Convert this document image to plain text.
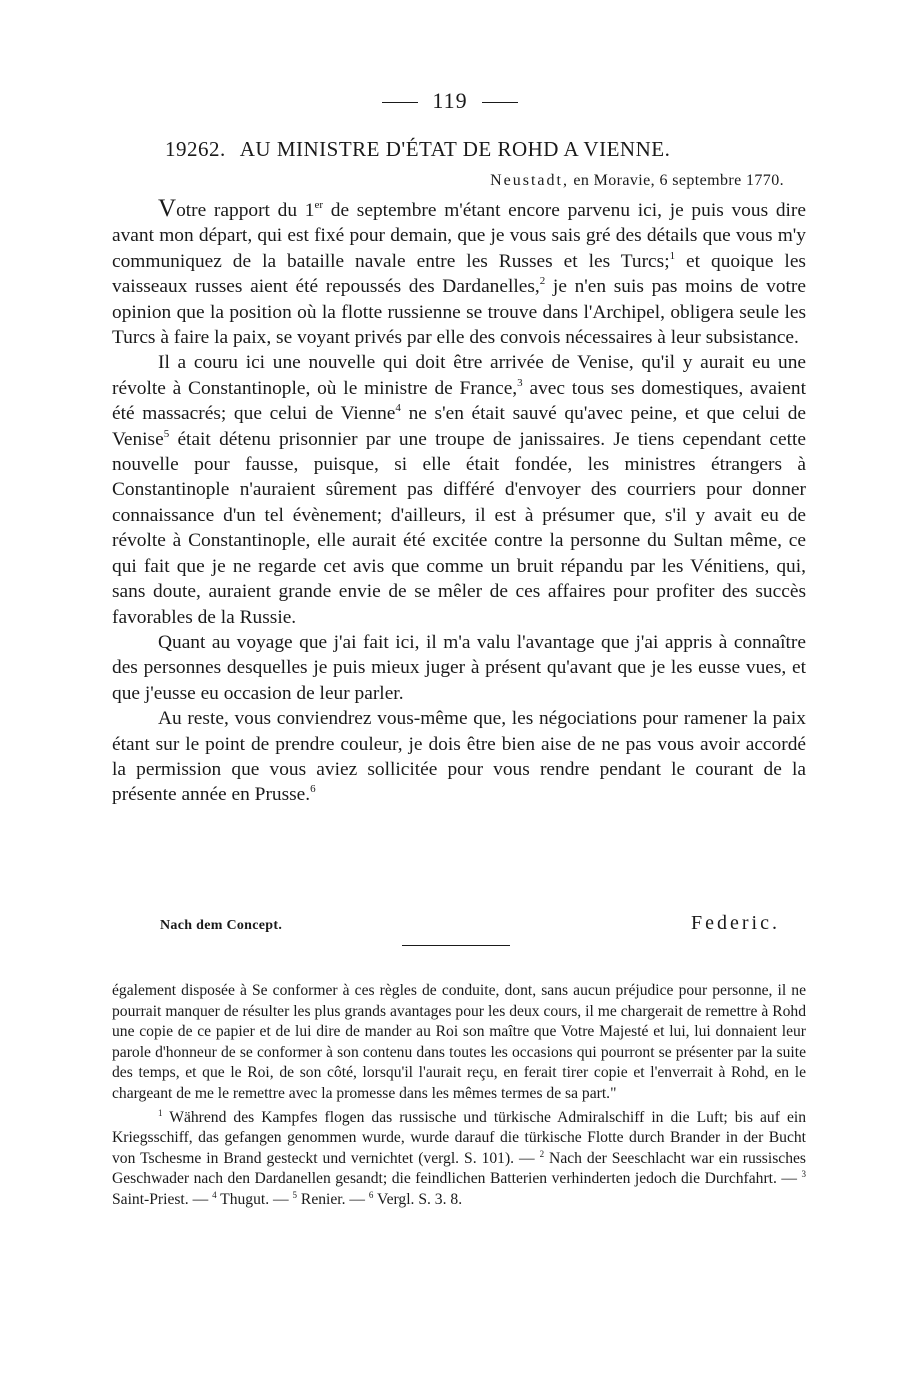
119
19262. AU MINISTRE D'ÉTAT DE ROHD A VIENNE.
Neustadt, en Moravie, 6 septembre 1770.

Votre rapport du 1er de septembre m'étant encore parvenu ici, je puis vous dire avant mon départ, qui est fixé pour demain, que je vous sais gré des détails que vous m'y communiquez de la bataille navale entre les Russes et les Turcs;$^1$ et quoique les vaisseaux russes aient été repoussés des Dardanelles,$^2$ je n'en suis pas moins de votre opinion que la position où la flotte russienne se trouve dans l'Archipel, obligera seule les Turcs à faire la paix, se voyant privés par elle des convois nécessaires à leur subsistance.

Il a couru ici une nouvelle qui doit être arrivée de Venise, qu'il y aurait eu une révolte à Constantinople, où le ministre de France,$^3$ avec tous ses domestiques, avaient été massacrés; que celui de Vienne$^4$ ne s'en était sauvé qu'avec peine, et que celui de Venise$^5$ était détenu prisonnier par une troupe de janissaires. Je tiens cependant cette nouvelle pour fausse, puisque, si elle était fondée, les ministres étrangers à Constantinople n'auraient sûrement pas différé d'envoyer des courriers pour donner connaissance d'un tel évènement; d'ailleurs, il est à présumer que, s'il y avait eu de révolte à Constantinople, elle aurait été excitée contre la personne du Sultan même, ce qui fait que je ne regarde cet avis que comme un bruit répandu par les Vénitiens, qui, sans doute, auraient grande envie de se mêler de ces affaires pour profiter des succès favorables de la Russie.

Quant au voyage que j'ai fait ici, il m'a valu l'avantage que j'ai appris à connaître des personnes desquelles je puis mieux juger à présent qu'avant que je les eusse vues, et que j'eusse eu occasion de leur parler.

Au reste, vous conviendrez vous-même que, les négociations pour ramener la paix étant sur le point de prendre couleur, je dois être bien aise de ne pas vous avoir accordé la permission que vous aviez sollicitée pour vous rendre pendant le courant de la présente année en Prusse.$^6$

Nach dem Concept.	Federic.

également disposée à Se conformer à ces règles de conduite, dont, sans aucun préjudice pour personne, il ne pourrait manquer de résulter les plus grands avantages pour les deux cours, il me chargerait de remettre à Rohd une copie de ce papier et de lui dire de mander au Roi son maître que Votre Majesté et lui, lui donnaient leur parole d'honneur de se conformer à son contenu dans toutes les occasions qui pourront se présenter par la suite des temps, et que le Roi, de son côté, lorsqu'il l'aurait reçu, en ferait tirer copie et l'enverrait à Rohd, en le chargeant de me le remettre avec la promesse dans les mêmes termes de sa part."

$^1$ Während des Kampfes flogen das russische und türkische Admiralschiff in die Luft; bis auf ein Kriegsschiff, das gefangen genommen wurde, wurde darauf die türkische Flotte durch Brander in der Bucht von Tschesme in Brand gesteckt und vernichtet (vergl. S. 101). — $^2$ Nach der Seeschlacht war ein russisches Geschwader nach den Dardanellen gesandt; die feindlichen Batterien verhinderten jedoch die Durchfahrt. — $^3$ Saint-Priest. — $^4$ Thugut. — $^5$ Renier. — $^6$ Vergl. S. 3. 8.
